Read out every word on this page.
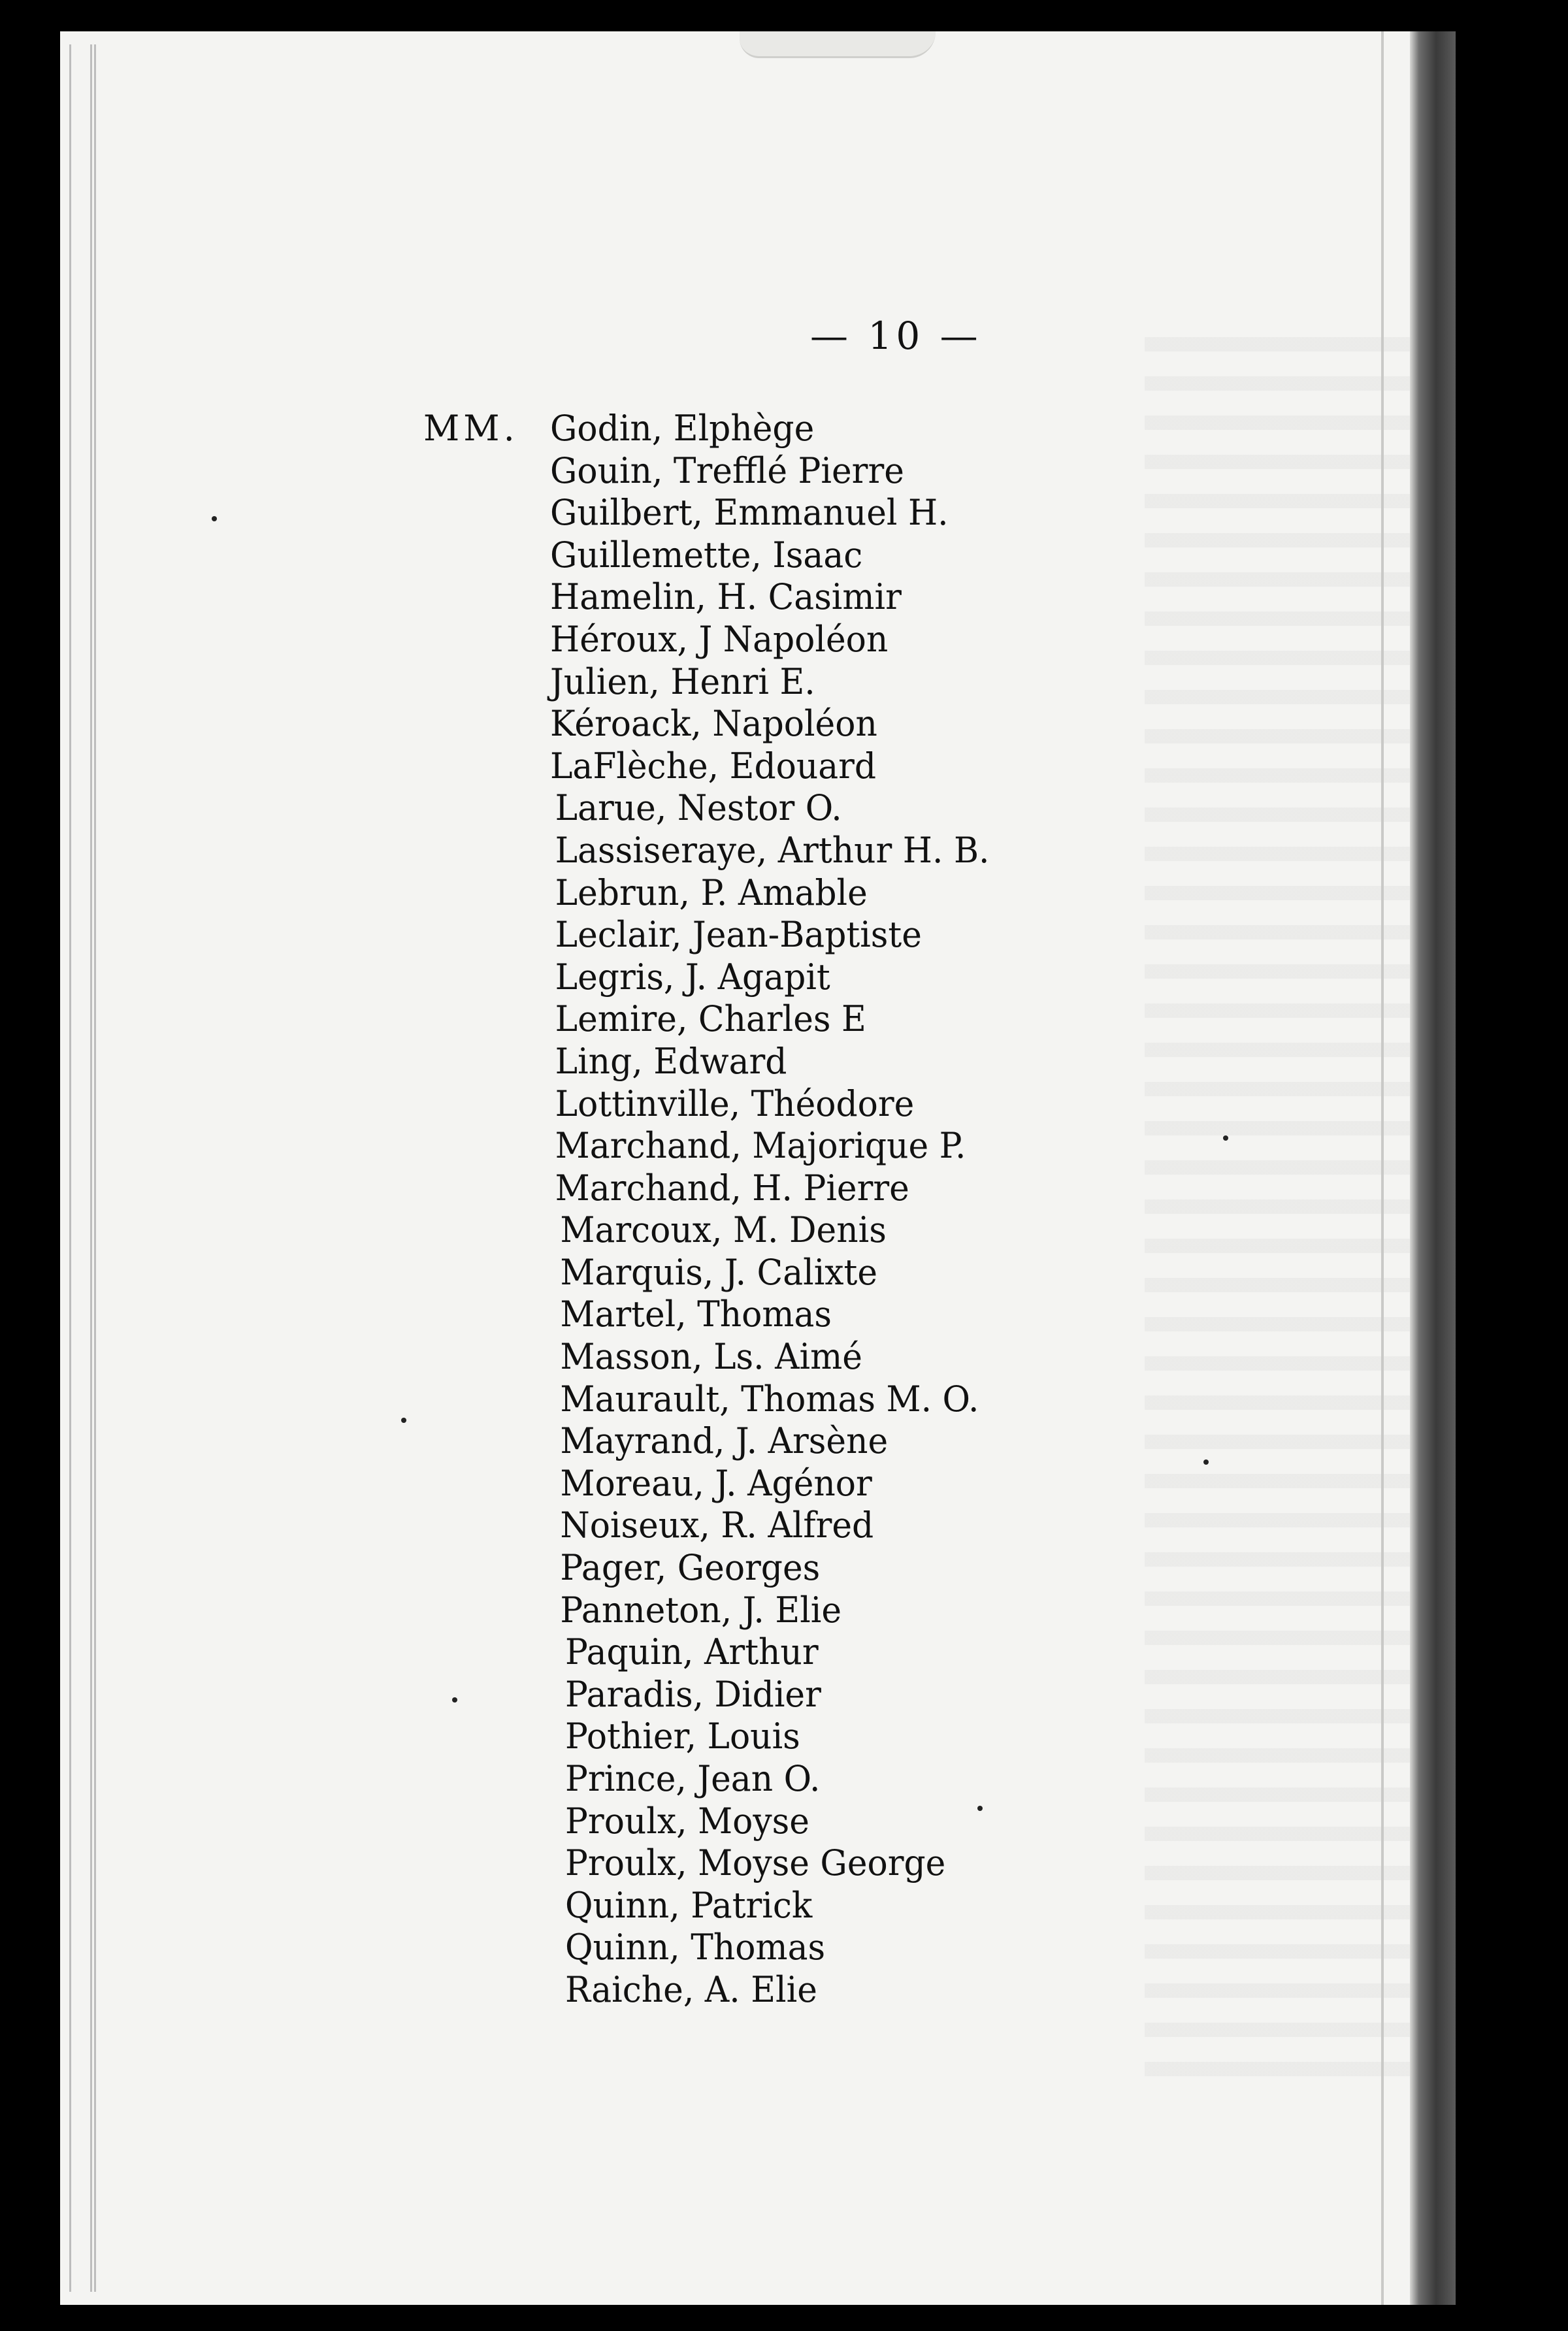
— 10 —

MM. Godin, Elphège
Gouin, Trefflé Pierre
Guilbert, Emmanuel H.
Guillemette, Isaac
Hamelin, H. Casimir
Héroux, J Napoléon
Julien, Henri E.
Kéroack, Napoléon
LaFlèche, Edouard
Larue, Nestor O.
Lassiseraye, Arthur H. B.
Lebrun, P. Amable
Leclair, Jean-Baptiste
Legris, J. Agapit
Lemire, Charles E
Ling, Edward
Lottinville, Théodore
Marchand, Majorique P.
Marchand, H. Pierre
Marcoux, M. Denis
Marquis, J. Calixte
Martel, Thomas
Masson, Ls. Aimé
Maurault, Thomas M. O.
Mayrand, J. Arsène
Moreau, J. Agénor
Noiseux, R. Alfred
Pager, Georges
Panneton, J. Elie
Paquin, Arthur
Paradis, Didier
Pothier, Louis
Prince, Jean O.
Proulx, Moyse
Proulx, Moyse George
Quinn, Patrick
Quinn, Thomas
Raiche, A. Elie
